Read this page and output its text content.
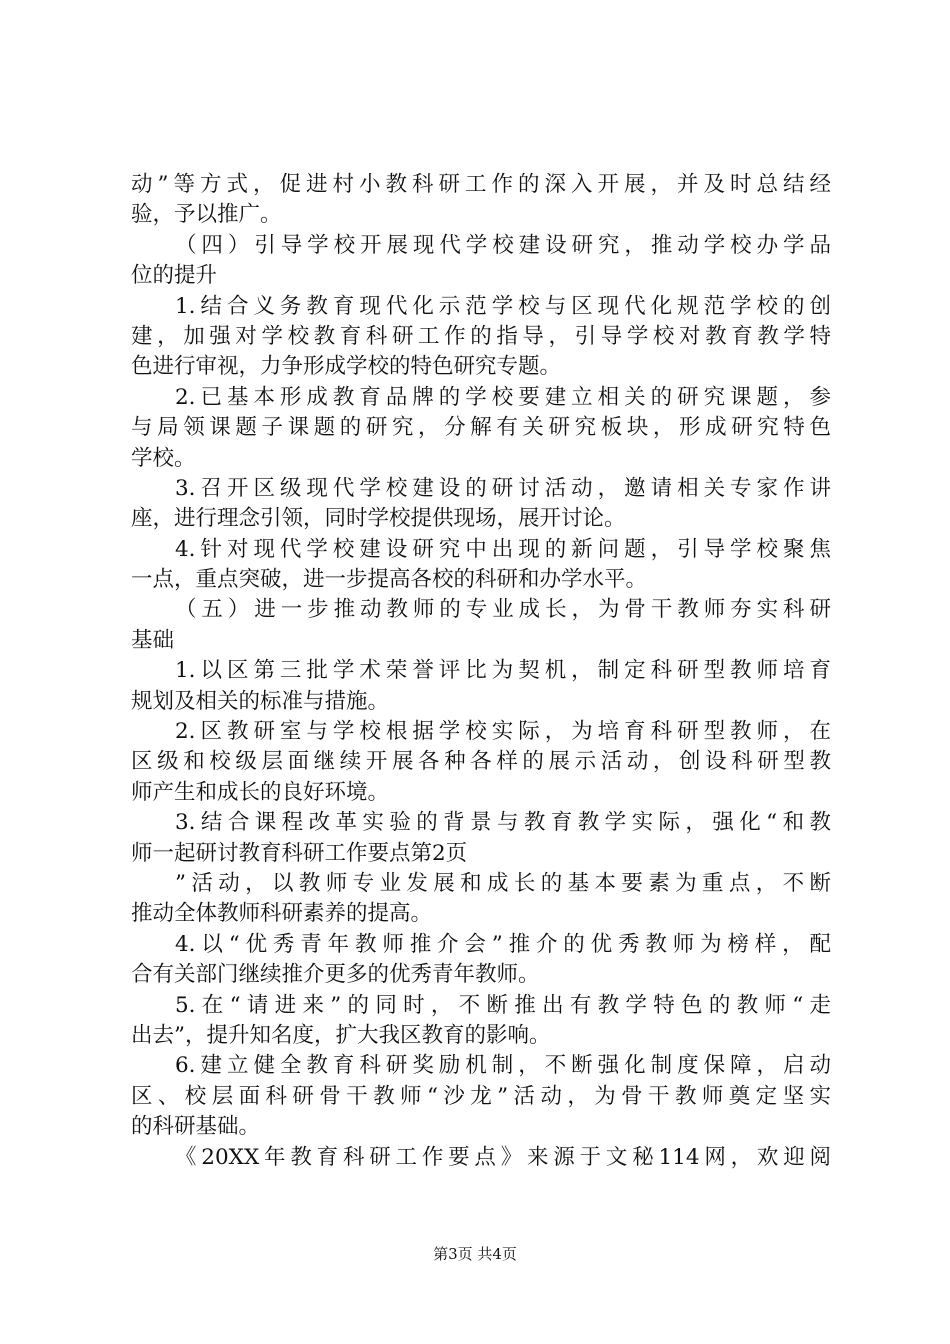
动”等方式，促进村小教科研工作的深入开展，并及时总结经
验，予以推广。
（四）引导学校开展现代学校建设研究，推动学校办学品
位的提升
1.结合义务教育现代化示范学校与区现代化规范学校的创
建，加强对学校教育科研工作的指导，引导学校对教育教学特
色进行审视，力争形成学校的特色研究专题。
2.已基本形成教育品牌的学校要建立相关的研究课题，参
与局领课题子课题的研究，分解有关研究板块，形成研究特色
学校。
3.召开区级现代学校建设的研讨活动，邀请相关专家作讲
座，进行理念引领，同时学校提供现场，展开讨论。
4.针对现代学校建设研究中出现的新问题，引导学校聚焦
一点，重点突破，进一步提高各校的科研和办学水平。
（五）进一步推动教师的专业成长，为骨干教师夯实科研
基础
1.以区第三批学术荣誉评比为契机，制定科研型教师培育
规划及相关的标准与措施。
2.区教研室与学校根据学校实际，为培育科研型教师，在
区级和校级层面继续开展各种各样的展示活动，创设科研型教
师产生和成长的良好环境。
3.结合课程改革实验的背景与教育教学实际，强化“和教
师一起研讨教育科研工作要点第2页
”活动，以教师专业发展和成长的基本要素为重点，不断
推动全体教师科研素养的提高。
4.以“优秀青年教师推介会”推介的优秀教师为榜样，配
合有关部门继续推介更多的优秀青年教师。
5.在“请进来”的同时，不断推出有教学特色的教师“走
出去”，提升知名度，扩大我区教育的影响。
6.建立健全教育科研奖励机制，不断强化制度保障，启动
区、校层面科研骨干教师“沙龙”活动，为骨干教师奠定坚实
的科研基础。
《20XX年教育科研工作要点》来源于文秘114网，欢迎阅
第3页 共4页
